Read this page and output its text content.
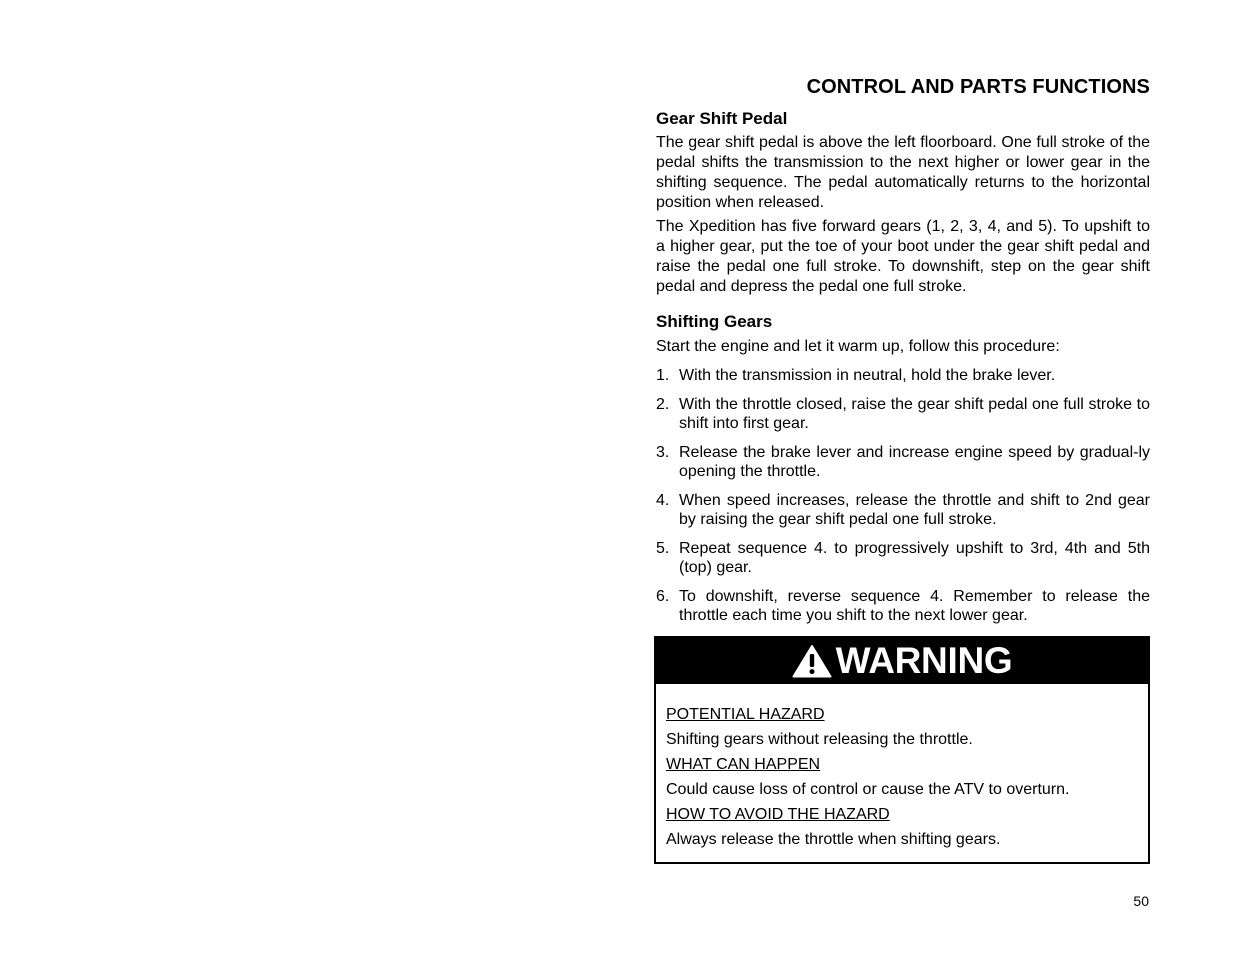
CONTROL AND PARTS FUNCTIONS
Gear Shift Pedal

The gear shift pedal is above the left floorboard. One full stroke of the pedal shifts the transmission to the next higher or lower gear in the shifting sequence. The pedal automatically returns to the horizontal position when released.

The Xpedition has five forward gears (1, 2, 3, 4, and 5). To upshift to a higher gear, put the toe of your boot under the gear shift pedal and raise the pedal one full stroke. To downshift, step on the gear shift pedal and depress the pedal one full stroke.

Shifting Gears

Start the engine and let it warm up, follow this procedure:

1. With the transmission in neutral, hold the brake lever.
2. With the throttle closed, raise the gear shift pedal one full stroke to shift into first gear.
3. Release the brake lever and increase engine speed by gradual-ly opening the throttle.
4. When speed increases, release the throttle and shift to 2nd gear by raising the gear shift pedal one full stroke.
5. Repeat sequence 4. to progressively upshift to 3rd, 4th and 5th (top) gear.
6. To downshift, reverse sequence 4. Remember to release the throttle each time you shift to the next lower gear.
WARNING
POTENTIAL HAZARD
Shifting gears without releasing the throttle.
WHAT CAN HAPPEN
Could cause loss of control or cause the ATV to overturn.
HOW TO AVOID THE HAZARD
Always release the throttle when shifting gears.
50
